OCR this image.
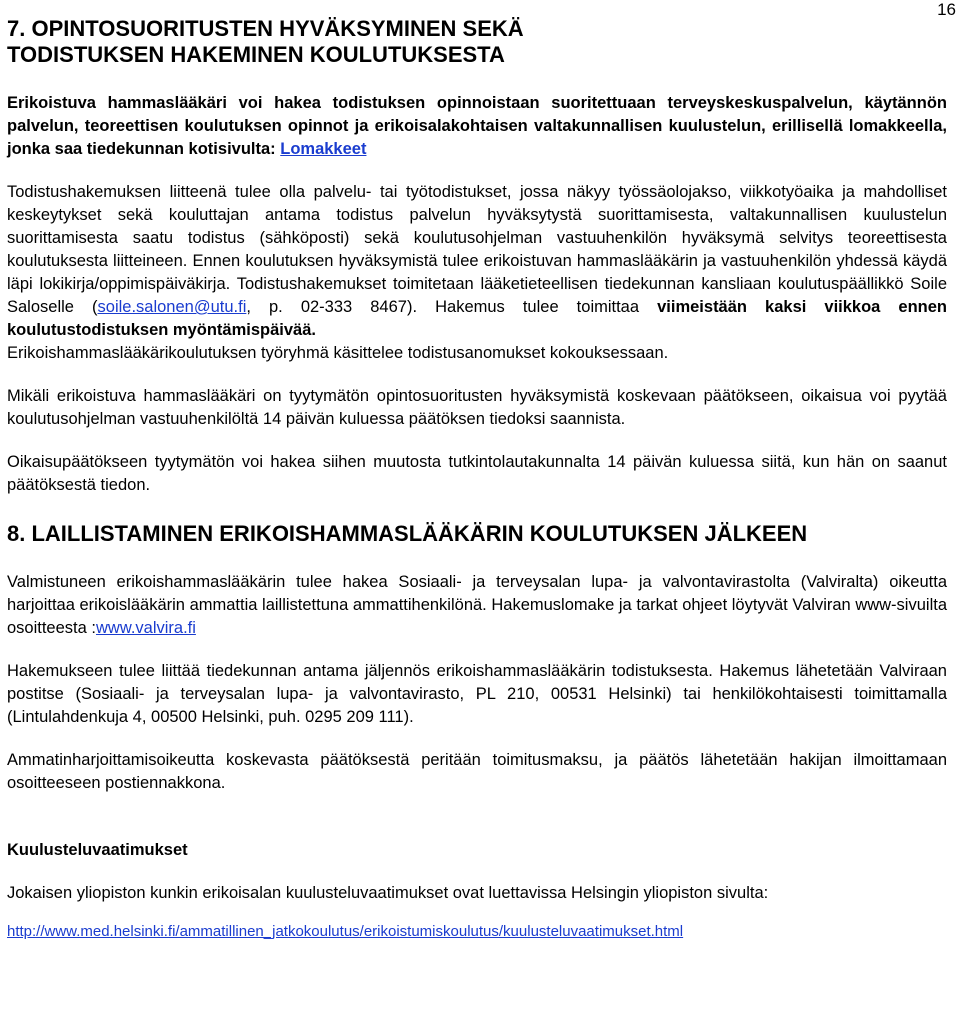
16
7. OPINTOSUORITUSTEN HYVÄKSYMINEN SEKÄ TODISTUKSEN HAKEMINEN KOULUTUKSESTA

Erikoistuva hammaslääkäri voi hakea todistuksen opinnoistaan suoritettuaan terveyskeskuspalvelun, käytännön palvelun, teoreettisen koulutuksen opinnot ja erikoisalakohtaisen valtakunnallisen kuulustelun, erillisellä lomakkeella, jonka saa tiedekunnan kotisivulta: Lomakkeet

Todistushakemuksen liitteenä tulee olla palvelu- tai työtodistukset, jossa näkyy työssäolojakso, viikkotyöaika ja mahdolliset keskeytykset sekä kouluttajan antama todistus palvelun hyväksytystä suorittamisesta, valtakunnallisen kuulustelun suorittamisesta saatu todistus (sähköposti) sekä koulutusohjelman vastuuhenkilön hyväksymä selvitys teoreettisesta koulutuksesta liitteineen. Ennen koulutuksen hyväksymistä tulee erikoistuvan hammaslääkärin ja vastuuhenkilön yhdessä käydä läpi lokikirja/oppimispäiväkirja. Todistushakemukset toimitetaan lääketieteellisen tiedekunnan kansliaan koulutuspäällikkö Soile Saloselle (soile.salonen@utu.fi, p. 02-333 8467). Hakemus tulee toimittaa viimeistään kaksi viikkoa ennen koulutustodistuksen myöntämispäivää.
Erikoishammaslääkärikoulutuksen työryhmä käsittelee todistusanomukset kokouksessaan.

Mikäli erikoistuva hammaslääkäri on tyytymätön opintosuoritusten hyväksymistä koskevaan päätökseen, oikaisua voi pyytää koulutusohjelman vastuuhenkilöltä 14 päivän kuluessa päätöksen tiedoksi saannista.

Oikaisupäätökseen tyytymätön voi hakea siihen muutosta tutkintolautakunnalta 14 päivän kuluessa siitä, kun hän on saanut päätöksestä tiedon.

8. LAILLISTAMINEN ERIKOISHAMMASLÄÄKÄRIN KOULUTUKSEN JÄLKEEN

Valmistuneen erikoishammaslääkärin tulee hakea Sosiaali- ja terveysalan lupa- ja valvontavirastolta (Valviralta) oikeutta harjoittaa erikoislääkärin ammattia laillistettuna ammattihenkilönä. Hakemuslomake ja tarkat ohjeet löytyvät Valviran www-sivuilta osoitteesta :www.valvira.fi

Hakemukseen tulee liittää tiedekunnan antama jäljennös erikoishammaslääkärin todistuksesta. Hakemus lähetetään Valviraan postitse (Sosiaali- ja terveysalan lupa- ja valvontavirasto, PL 210, 00531 Helsinki) tai henkilökohtaisesti toimittamalla (Lintulahdenkuja 4, 00500 Helsinki, puh. 0295 209 111).

Ammatinharjoittamisoikeutta koskevasta päätöksestä peritään toimitusmaksu, ja päätös lähetetään hakijan ilmoittamaan osoitteeseen postiennakkona.

Kuulusteluvaatimukset

Jokaisen yliopiston kunkin erikoisalan kuulusteluvaatimukset ovat luettavissa Helsingin yliopiston sivulta:

http://www.med.helsinki.fi/ammatillinen_jatkokoulutus/erikoistumiskoulutus/kuulusteluvaatimukset.html
